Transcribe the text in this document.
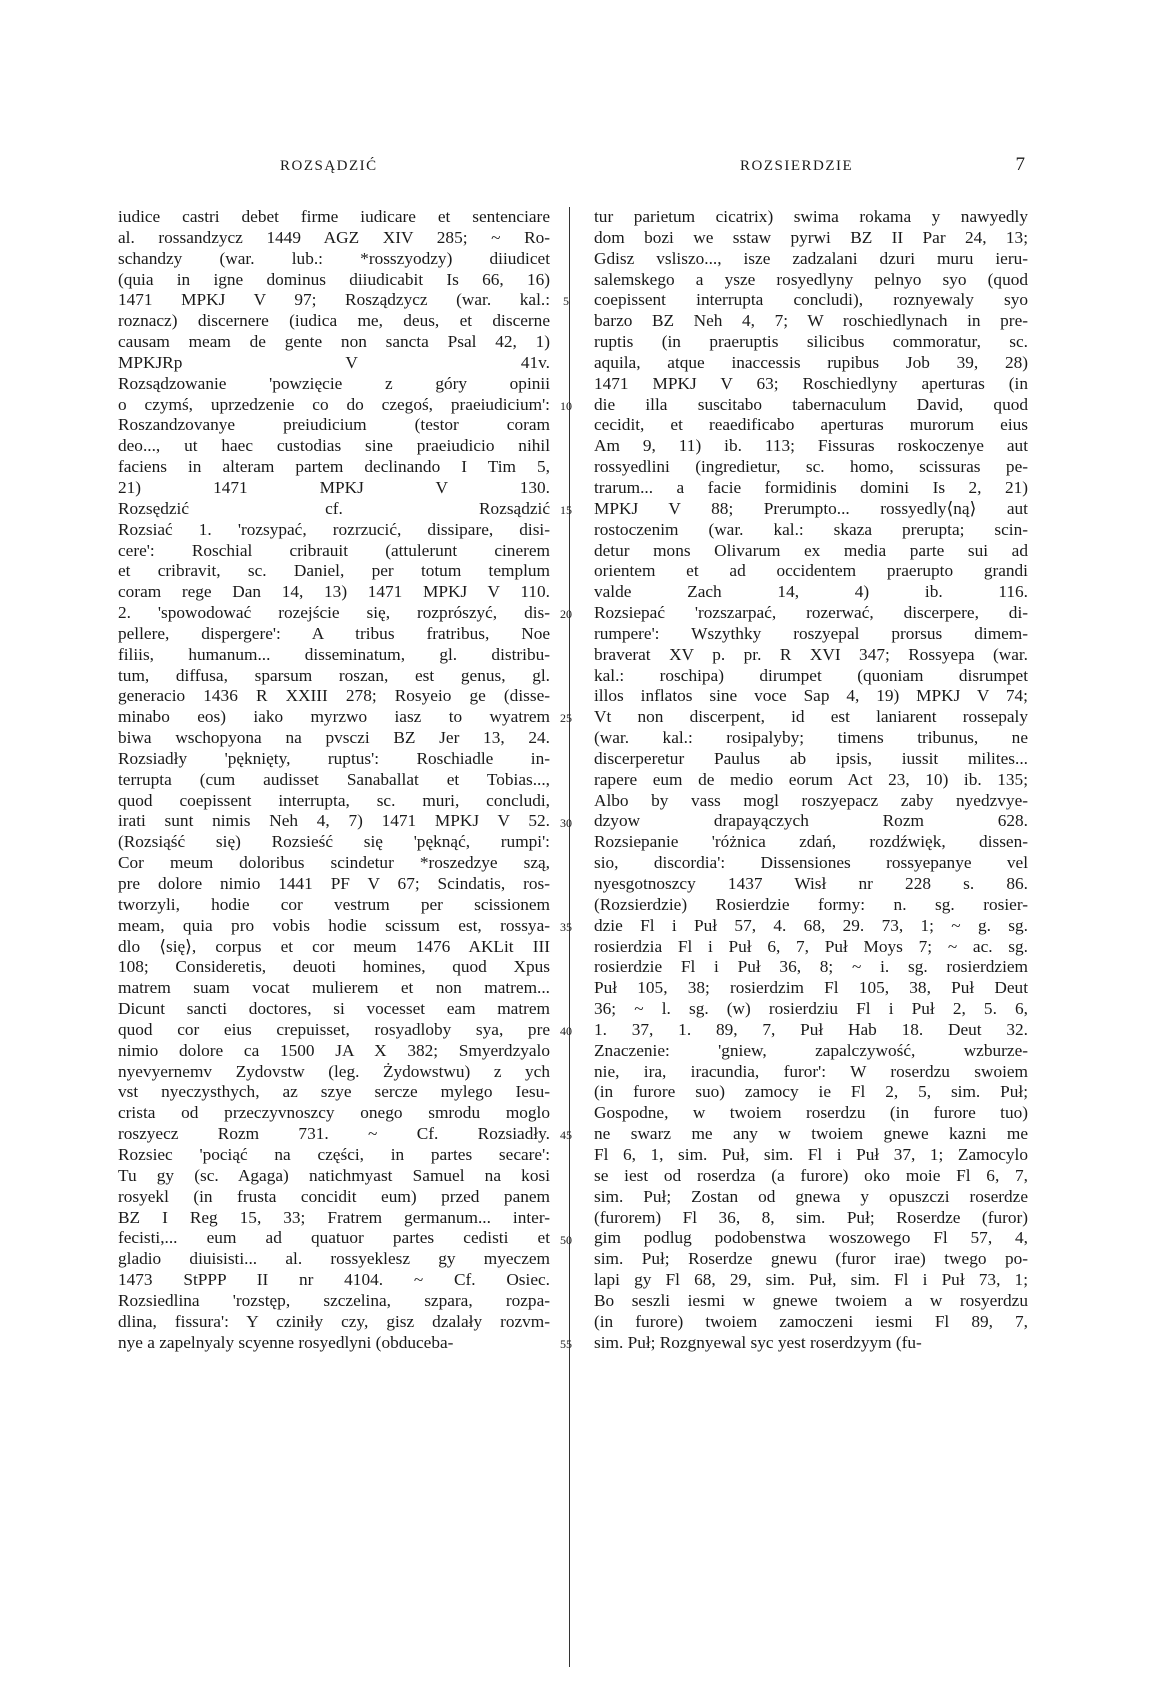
ROZSĄDZIĆ	ROZSIERDZIE	7
iudice castri debet firme iudicare et sentenciare
al. rossandzycz 1449 AGZ XIV 285; ~ Ro-
schandzy (war. lub.: *rosszyodzy) diiudicet
(quia in igne dominus diiudicabit Is 66, 16)
1471 MPKJ V 97; Rosządzycz (war. kal.:
roznacz) discernere (iudica me, deus, et discerne
causam meam de gente non sancta Psal 42, 1)
MPKJRp V 41v.
Rozsądzowanie 'powzięcie z góry opinii
o czymś, uprzedzenie co do czegoś, praeiudicium':
Roszandzovanye preiudicium (testor coram
deo..., ut haec custodias sine praeiudicio nihil
faciens in alteram partem declinando I Tim 5,
21) 1471 MPKJ V 130.
Rozsędzić cf. Rozsądzić
Rozsiać 1. 'rozsypać, rozrzucić, dissipare, disi-
cere': Roschial cribrauit (attulerunt cinerem
et cribravit, sc. Daniel, per totum templum
coram rege Dan 14, 13) 1471 MPKJ V 110.
2. 'spowodować rozejście się, rozprószyć, dis-
pellere, dispergere': A tribus fratribus, Noe
filiis, humanum... disseminatum, gl. distribu-
tum, diffusa, sparsum roszan, est genus, gl.
generacio 1436 R XXIII 278; Rosyeio ge (disse-
minabo eos) iako myrzwo iasz to wyatrem
biwa wschopyona na pvsczi BZ Jer 13, 24.
Rozsiadły 'pęknięty, ruptus': Roschiadle in-
terrupta (cum audisset Sanaballat et Tobias...,
quod coepissent interrupta, sc. muri, concludi,
irati sunt nimis Neh 4, 7) 1471 MPKJ V 52.
(Rozsiąść się) Rozsieść się 'pęknąć, rumpi':
Cor meum doloribus scindetur *roszedzye szą,
pre dolore nimio 1441 PF V 67; Scindatis, ros-
tworzyli, hodie cor vestrum per scissionem
meam, quia pro vobis hodie scissum est, rossya-
dlo ⟨się⟩, corpus et cor meum 1476 AKLit III
108; Consideretis, deuoti homines, quod Xpus
matrem suam vocat mulierem et non matrem...
Dicunt sancti doctores, si vocesset eam matrem
quod cor eius crepuisset, rosyadloby sya, pre
nimio dolore ca 1500 JA X 382; Smyerdzyalo
nyevyernemv Zydovstw (leg. Żydowstwu) z ych
vst nyeczysthych, az szye sercze mylego Iesu-
crista od przeczyvnoszcy onego smrodu moglo
roszyecz Rozm 731. ~ Cf. Rozsiadły.
Rozsiec 'pociąć na części, in partes secare':
Tu gy (sc. Agaga) natichmyast Samuel na kosi
rosyekl (in frusta concidit eum) przed panem
BZ I Reg 15, 33; Fratrem germanum... inter-
fecisti,... eum ad quatuor partes cedisti et
gladio diuisisti... al. rossyeklesz gy myeczem
1473 StPPP II nr 4104. ~ Cf. Osiec.
Rozsiedlina 'rozstęp, szczelina, szpara, rozpa-
dlina, fissura': Y cziniły czy, gisz dzalały rozvm-
nye a zapelnyaly scyenne rosyedlyni (obduceba-
5
10
15
20
25
30
35
40
45
50
55
tur parietum cicatrix) swima rokama y nawyedly
dom bozi we sstaw pyrwi BZ II Par 24, 13;
Gdisz vsliszo..., isze zadzalani dzuri muru ieru-
salemskego a ysze rosyedlyny pelnyo syo (quod
coepissent interrupta concludi), roznyewaly syo
barzo BZ Neh 4, 7; W roschiedlynach in pre-
ruptis (in praeruptis silicibus commoratur, sc.
aquila, atque inaccessis rupibus Job 39, 28)
1471 MPKJ V 63; Roschiedlyny aperturas (in
die illa suscitabo tabernaculum David, quod
cecidit, et reaedificabo aperturas murorum eius
Am 9, 11) ib. 113; Fissuras roskoczenye aut
rossyedlini (ingredietur, sc. homo, scissuras pe-
trarum... a facie formidinis domini Is 2, 21)
MPKJ V 88; Prerumpto... rossyedly⟨ną⟩ aut
rostoczenim (war. kal.: skaza prerupta; scin-
detur mons Olivarum ex media parte sui ad
orientem et ad occidentem praerupto grandi
valde Zach 14, 4) ib. 116.
Rozsiepać 'rozszarpać, rozerwać, discerpere, di-
rumpere': Wszythky roszyepal prorsus dimem-
braverat XV p. pr. R XVI 347; Rossyepa (war.
kal.: roschipa) dirumpet (quoniam disrumpet
illos inflatos sine voce Sap 4, 19) MPKJ V 74;
Vt non discerpent, id est laniarent rossepaly
(war. kal.: rosipalyby; timens tribunus, ne
discerperetur Paulus ab ipsis, iussit milites...
rapere eum de medio eorum Act 23, 10) ib. 135;
Albo by vass mogl roszyepacz zaby nyedzvye-
dzyow drapayączych Rozm 628.
Rozsiepanie 'różnica zdań, rozdźwięk, dissen-
sio, discordia': Dissensiones rossyepanye vel
nyesgotnoszcy 1437 Wisł nr 228 s. 86.
(Rozsierdzie) Rosierdzie formy: n. sg. rosier-
dzie Fl i Puł 57, 4. 68, 29. 73, 1; ~ g. sg.
rosierdzia Fl i Puł 6, 7, Puł Moys 7; ~ ac. sg.
rosierdzie Fl i Puł 36, 8; ~ i. sg. rosierdziem
Puł 105, 38; rosierdzim Fl 105, 38, Puł Deut
36; ~ l. sg. (w) rosierdziu Fl i Puł 2, 5. 6,
1. 37, 1. 89, 7, Puł Hab 18. Deut 32.
Znaczenie: 'gniew, zapalczywość, wzburze-
nie, ira, iracundia, furor': W roserdzu swoiem
(in furore suo) zamocy ie Fl 2, 5, sim. Puł;
Gospodne, w twoiem roserdzu (in furore tuo)
ne swarz me any w twoiem gnewe kazni me
Fl 6, 1, sim. Puł, sim. Fl i Puł 37, 1; Zamocylo
se iest od roserdza (a furore) oko moie Fl 6, 7,
sim. Puł; Zostan od gnewa y opuszczi roserdze
(furorem) Fl 36, 8, sim. Puł; Roserdze (furor)
gim podlug podobenstwa woszowego Fl 57, 4,
sim. Puł; Roserdze gnewu (furor irae) twego po-
lapi gy Fl 68, 29, sim. Puł, sim. Fl i Puł 73, 1;
Bo seszli iesmi w gnewe twoiem a w rosyerdzu
(in furore) twoiem zamoczeni iesmi Fl 89, 7,
sim. Puł; Rozgnyewal syc yest roserdzyym (fu-
